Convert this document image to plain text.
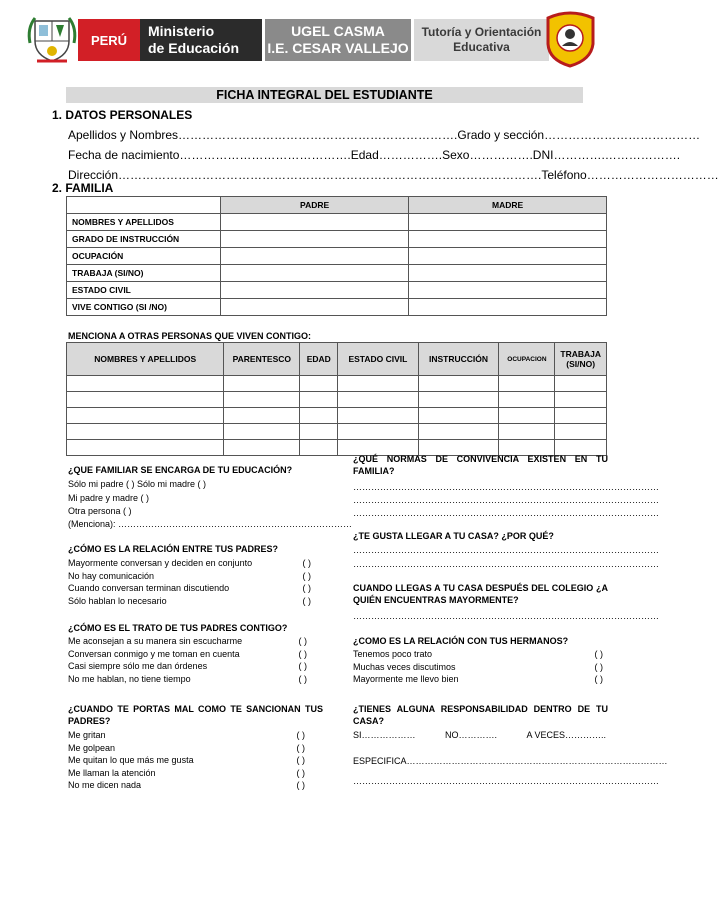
PERÚ
Ministerio
de Educación
UGEL CASMA
I.E. CESAR VALLEJO
Tutoría y Orientación
Educativa
FICHA INTEGRAL DEL ESTUDIANTE
1. DATOS PERSONALES
Apellidos y Nombres…………………………………………………………….Grado y sección…………………………………
Fecha de nacimiento…………………………………….Edad…………….Sexo…………….DNI………….……………….
Dirección…………………………………………………………………………………………….Teléfono……………………………
2. FAMILIA
	PADRE	MADRE
NOMBRES Y APELLIDOS		
GRADO DE INSTRUCCIÓN		
OCUPACIÓN		
TRABAJA (SI/NO)		
ESTADO CIVIL		
VIVE CONTIGO (SI /NO)		
MENCIONA A OTRAS PERSONAS QUE VIVEN CONTIGO:
NOMBRES Y APELLIDOS	PARENTESCO	EDAD	ESTADO CIVIL	INSTRUCCIÓN	OCUPACION	TRABAJA
(SI/NO)

¿QUE FAMILIAR SE ENCARGA DE TU EDUCACIÓN?
Sólo mi padre ( ) Sólo mi madre ( )
Mi padre y madre ( )
Otra persona ( )
(Menciona): ……………………………………………………………………
¿CÓMO ES LA RELACIÓN ENTRE TUS PADRES?
Mayormente conversan y deciden en conjunto	( )
No hay comunicación	( )
Cuando conversan terminan discutiendo	( )
Sólo hablan lo necesario	( )
¿CÓMO ES EL TRATO DE TUS PADRES CONTIGO?
Me aconsejan a su manera sin escucharme	( )
Conversan conmigo y me toman en cuenta	( )
Casi siempre sólo me dan órdenes	( )
No me hablan, no tiene tiempo	( )
¿CUANDO TE PORTAS MAL COMO TE SANCIONAN TUS
PADRES?
Me gritan	( )
Me golpean	( )
Me quitan lo que más me gusta	( )
Me llaman la atención	( )
No me dicen nada	( )
¿QUÉ NORMAS DE CONVIVENCIA EXISTEN EN TU
FAMILIA?
…………………………………………………………………………………………
…………………………………………………………………………………………
…………………………………………………………………………………………
¿TE GUSTA LLEGAR A TU CASA? ¿POR QUÉ?
…………………………………………………………………………………………
…………………………………………………………………………………………
CUANDO LLEGAS A TU CASA DESPUÉS DEL COLEGIO ¿A
QUIÉN ENCUENTRAS MAYORMENTE?
…………………………………………………………………………………………
¿COMO ES LA RELACIÓN CON TUS HERMANOS?
Tenemos poco trato	( )
Muchas veces discutimos	( )
Mayormente me llevo bien	( )
¿TIENES ALGUNA RESPONSABILIDAD DENTRO DE TU
CASA?
SI………………	NO………….	A VECES…………..
ESPECIFICA……………………………………………………………………………
…………………………………………………………………………………………
